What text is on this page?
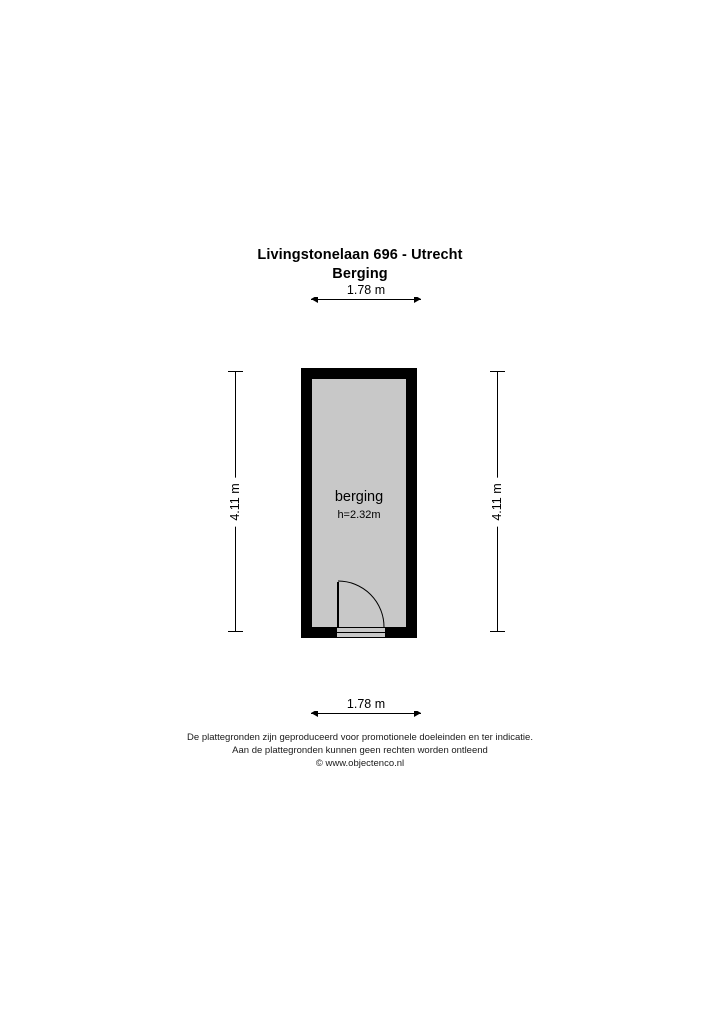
Livingstonelaan 696 - Utrecht
Berging
1.78 m
4.11 m	4.11 m
berging
h=2.32m
1.78 m
De plattegronden zijn geproduceerd voor promotionele doeleinden en ter indicatie.
Aan de plattegronden kunnen geen rechten worden ontleend
© www.objectenco.nl
